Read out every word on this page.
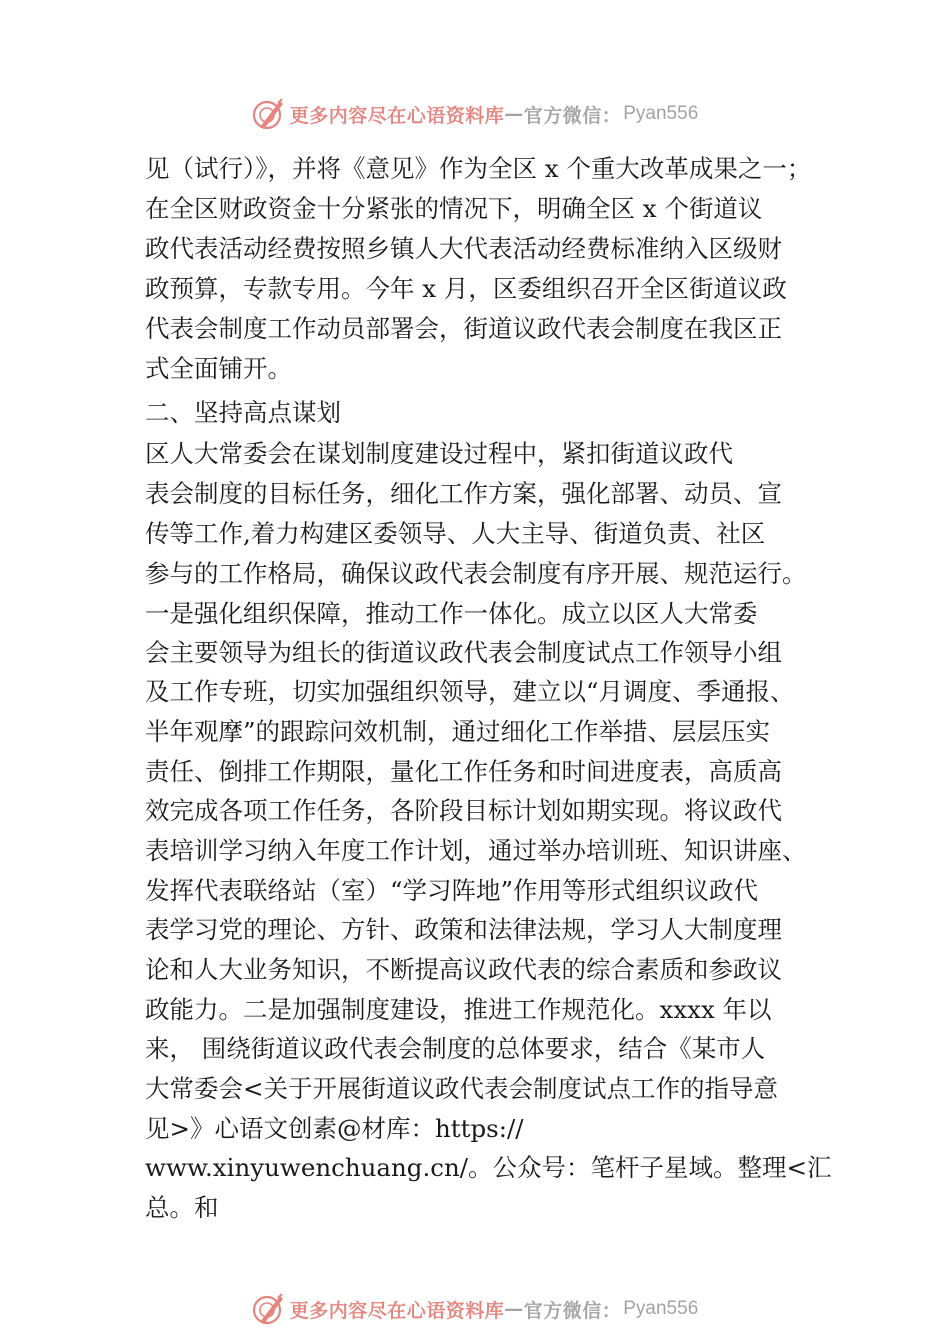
更多内容尽在心语资料库 — 官方微信： Pyan556
见（试行）》，并将《意见》作为全区 x 个重大改革成果之一；
在全区财政资金十分紧张的情况下，明确全区 x 个街道议
政代表活动经费按照乡镇人大代表活动经费标准纳入区级财
政预算，专款专用。今年 x 月，区委组织召开全区街道议政
代表会制度工作动员部署会，街道议政代表会制度在我区正
式全面铺开。
二、坚持高点谋划
区人大常委会在谋划制度建设过程中，紧扣街道议政代
表会制度的目标任务，细化工作方案，强化部署、动员、宣
传等工作,着力构建区委领导、人大主导、街道负责、社区
参与的工作格局，确保议政代表会制度有序开展、规范运行。
一是强化组织保障，推动工作一体化。成立以区人大常委
会主要领导为组长的街道议政代表会制度试点工作领导小组
及工作专班，切实加强组织领导，建立以“月调度、季通报、
半年观摩”的跟踪问效机制，通过细化工作举措、层层压实
责任、倒排工作期限，量化工作任务和时间进度表，高质高
效完成各项工作任务，各阶段目标计划如期实现。将议政代
表培训学习纳入年度工作计划，通过举办培训班、知识讲座、
发挥代表联络站（室）“学习阵地”作用等形式组织议政代
表学习党的理论、方针、政策和法律法规，学习人大制度理
论和人大业务知识，不断提高议政代表的综合素质和参政议
政能力。二是加强制度建设，推进工作规范化。xxxx 年以
来， 围绕街道议政代表会制度的总体要求，结合《某市人
大常委会<关于开展街道议政代表会制度试点工作的指导意
见>》心语文创素@材库：https://
www.xinyuwenchuang.cn/。公众号：笔杆子星域。整理<汇
总。和
更多内容尽在心语资料库 — 官方微信： Pyan556
